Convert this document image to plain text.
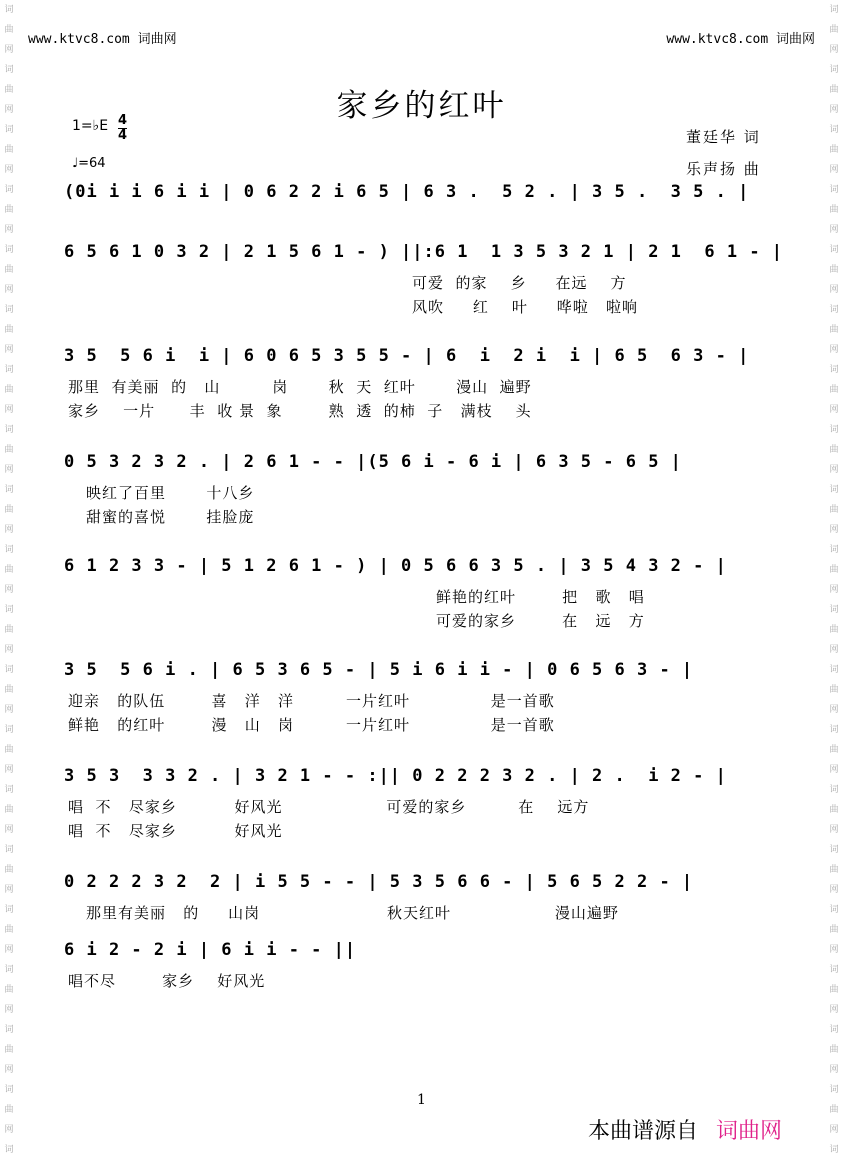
www.ktvc8.com 词曲网	www.ktvc8.com 词曲网
词
曲
网
词
曲
网
词
曲
网
词
曲
网
词
曲
网
词
曲
网
词
曲
网
词
曲
网
词
曲
网
词
曲
网
词
曲
网
词
曲
网
词
曲
网
词
曲
网
词
曲
网
词
曲
网
词
曲
网
词
曲
网
词
曲
网
词
词
曲
网
词
曲
网
词
曲
网
词
曲
网
词
曲
网
词
曲
网
词
曲
网
词
曲
网
词
曲
网
词
曲
网
词
曲
网
词
曲
网
词
曲
网
词
曲
网
词
曲
网
词
曲
网
词
曲
网
词
曲
网
词
曲
网
词
家乡的红叶
1=♭E 4
4
♩=64
董廷华 词
乐声扬 曲
(0i i i 6 i i | 0 6 2 2 i 6 5 | 6 3 .  5 2 . | 3 5 .  3 5 . |
6 5 6 1 0 3 2 | 2 1 5 6 1 - ) ||:6 1  1 3 5 3 2 1 | 2 1  6 1 - |
可爱  的家    乡     在远    方
风吹     红    叶     哗啦   啦响
3 5  5 6 i  i | 6 0 6 5 3 5 5 - | 6  i  2 i  i | 6 5  6 3 - |
那里  有美丽  的   山         岗       秋  天  红叶       漫山  遍野
家乡    一片      丰  收 景  象        熟  透  的柿  子   满枝    头
0 5 3 2 3 2 . | 2 6 1 - - |(5 6 i - 6 i | 6 3 5 - 6 5 |
映红了百里       十八乡
甜蜜的喜悦       挂脸庞
6 1 2 3 3 - | 5 1 2 6 1 - ) | 0 5 6 6 3 5 . | 3 5 4 3 2 - |
鲜艳的红叶        把   歌   唱
可爱的家乡        在   远   方
3 5  5 6 i . | 6 5 3 6 5 - | 5 i 6 i i - | 0 6 5 6 3 - |
迎亲   的队伍        喜   洋   洋         一片红叶              是一首歌
鲜艳   的红叶        漫   山   岗         一片红叶              是一首歌
3 5 3  3 3 2 . | 3 2 1 - - :|| 0 2 2 2 3 2 . | 2 .  i 2 - |
唱  不   尽家乡          好风光                  可爱的家乡         在    远方
唱  不   尽家乡          好风光
0 2 2 2 3 2  2 | i 5 5 - - | 5 3 5 6 6 - | 5 6 5 2 2 - |
那里有美丽   的     山岗                      秋天红叶                  漫山遍野
6 i 2 - 2 i | 6 i i - - ||
唱不尽        家乡    好风光
1
本曲谱源自 词曲网
